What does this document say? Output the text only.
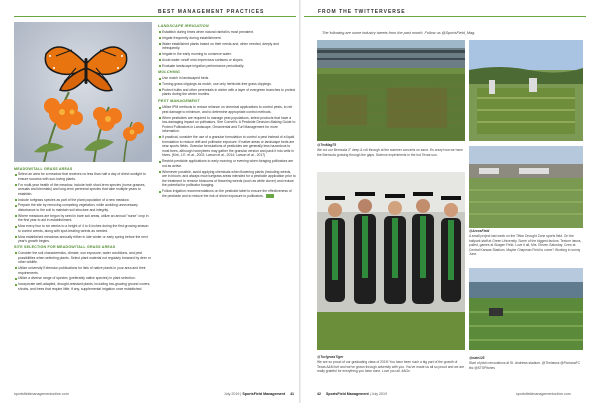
BEST MANAGEMENT PRACTICES
MEADOW/TALL GRASS AREAS

Select an area for a meadow that receives no less than half a day of direct sunlight to ensure success with sun-loving plants.

For multi-year health of the meadow, include both short-term species (nurse grasses, annuals and biennials) and long-term perennial species that take multiple years to establish.

Include turfgrass species as part of the plant population of a new meadow.

Prepare the site by removing competing vegetation, while avoiding unnecessary disturbance to the soil to maintain soil structure and integrity.

Where meadows are begun by seed in bare soil areas, utilize an annual "nurse" crop in the first year to aid in establishment.

Mow every four to six weeks to a height of 4 to 6 inches during the first growing season to control weeds, along with spot-treating weeds as needed.

Mow established meadows annually either in late winter or early spring before the next year's growth begins.

SITE SELECTION FOR MEADOW/TALL GRASS AREAS

Consider the soil characteristics, climate, sun exposure, water conditions, and pest possibilities when selecting plants. Select plant material not regularly browsed by deer or other wildlife.

Utilize university Extension publications for lists of native plants in your area and their requirements.

Utilize a diverse range of species (preferably native species) in plant selection.

Incorporate well-adapted, drought-resistant plants, including low-growing ground covers, shrubs, and trees that require little, if any, supplemental irrigation once established.

LANDSCAPE IRRIGATION

Establish during times when natural rainfall is most prevalent.

Irrigate frequently during establishment.

Water established plants based on their needs and, when needed, deeply and infrequently.

Irrigate in the early morning to conserve water.

Avoid water runoff onto impervious surfaces or slopes.

Evaluate landscape irrigation performance periodically.

MULCHING

Use mulch in landscaped beds.

Turning grass clippings as mulch, use only herbicide-free grass clippings.

Protect bulbs and other perennials in winter with a layer of evergreen branches to protect plants during the winter months.

PEST MANAGEMENT

Utilize IPM methods to reduce reliance on chemical applications to control pests, to net pest damage to minimum, and to determine appropriate control methods.

When pesticides are required to manage pest populations, select products that have a low-damaging impact on pollinators. See Cornell's: A Pesticide Decision-Making Guide to Protect Pollinators in Landscape, Ornamental and Turf Management for more information.

If practical, consider the use of a granular formulation to control a pest instead of a liquid formulation to reduce drift and pollinator exposure. If native areas or landscape beds are near sports fields. Granular formulations of pesticides are generally less hazardous to most bees, although honeybees may gather the granular version and pack it into cells in hives. (Kirk, J.E. et al., 2002; Larson et al., 2014; Larson et al., 2017)

Restrict pesticide applications to early morning or evening when foraging pollinators are not as active.

Whenever possible, avoid applying chemicals when flowering plants (including weeds, are in bloom, and always mow turfgrass areas intended for a pesticide application prior to the treatment to remove blossoms of flowering weeds (such as white clover) and reduce the potential for pollinator foraging.

Follow irrigation recommendations on the pesticide label to ensure the effectiveness of the pesticide and to reduce the risk of direct exposure to pollinators.

sportsfieldmanagementonline.com	July 2019 | SportsField Management 41
FROM THE TWITTERVERSE
The following are some industry tweets from the past month. Follow us @SportsField_Mag.
@TexMag75
We cut our Bermuda 2" deep & roll through at the summer concerts on sand. It's crazy how we have the Bermuda growing through the gaps. Science experiments in the hot Texas sun.
@TurfgrassTiger
We are so proud of our graduating class of 2019! You have been such a big part of the growth of Texas A&M turf and we've grown through adversity with you. You've made us all so proud and we are really grateful for everything you have done. Love you all. #AGs
@ArcosField
A small project last week on the Tifton Drought Zone sports field. On the ballpark staff at Green University. Some of the biggest factors. Texture lawns, pulled, games at Skagen Field. Love it all, Mrs. Eleven Saturday. Crew at Central Kansas Stadium. Maybe Chapman Field to come? Working in sunny June.
@nate125
Start of pitch renovations at St. Andrews stadium. @Thelawns @FlorianaFC tbc @STSPitches
42 SportsField Management | July 2019	sportsfieldmanagementonline.com
